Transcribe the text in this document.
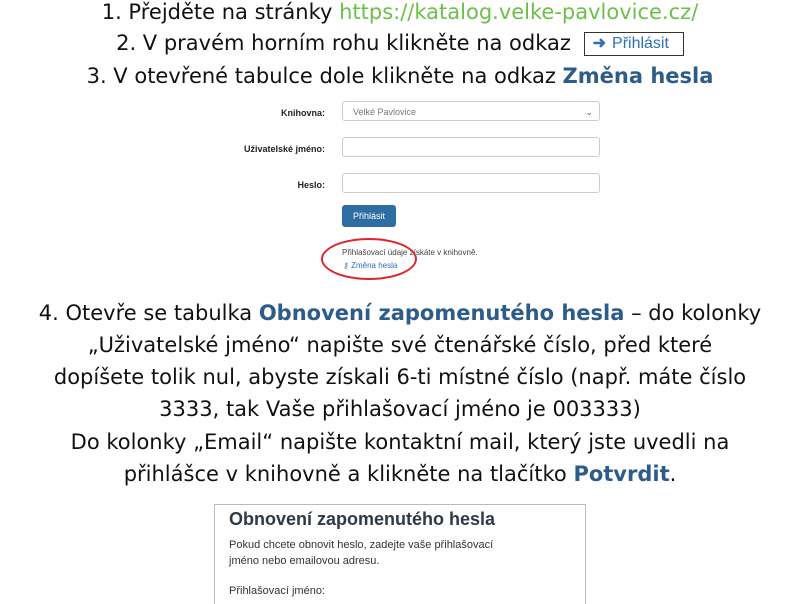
1. Přejděte na stránky https://katalog.velke-pavlovice.cz/
2. V pravém horním rohu klikněte na odkaz ➜ Přihlásit
3. V otevřené tabulce dole klikněte na odkaz Změna hesla
Knihovna:	Velké Pavlovice	⌄
Uživatelské jméno:
Heslo:
Přihlásit
Přihlašovací údaje získáte v knihovně.
⚷ Změna hesla
4. Otevře se tabulka Obnovení zapomenutého hesla – do kolonky
„Uživatelské jméno“ napište své čtenářské číslo, před které
dopíšete tolik nul, abyste získali 6-ti místné číslo (např. máte číslo
3333, tak Vaše přihlašovací jméno je 003333)
Do kolonky „Email“ napište kontaktní mail, který jste uvedli na
přihlášce v knihovně a klikněte na tlačítko Potvrdit.
Obnovení zapomenutého hesla
Pokud chcete obnovit heslo, zadejte vaše přihlašovací
jméno nebo emailovou adresu.
Přihlašovací jméno:
